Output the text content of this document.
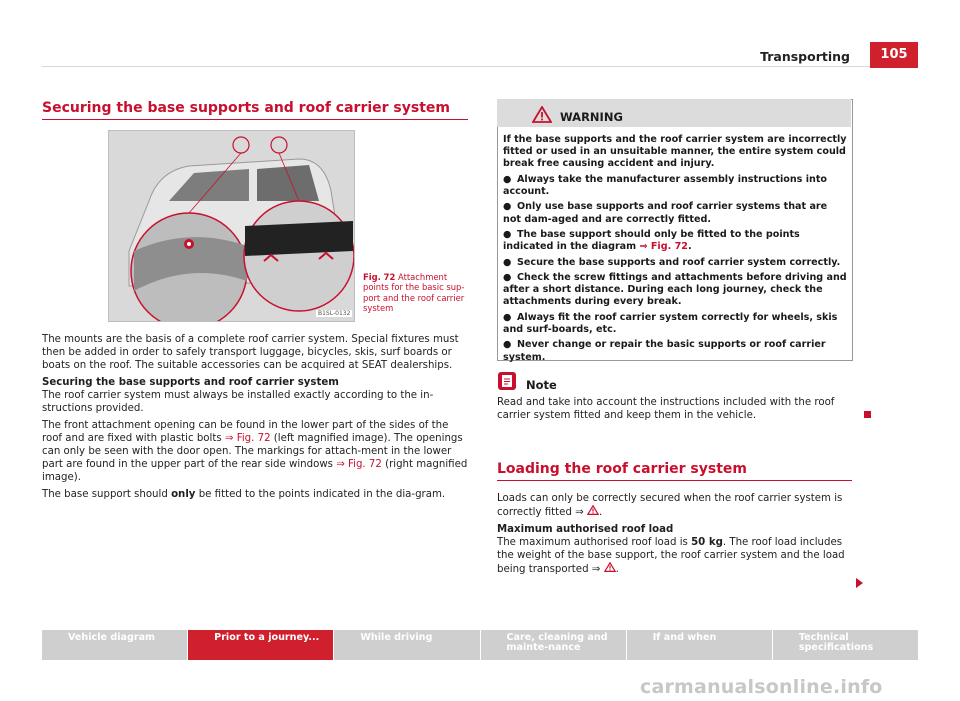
Transporting	105
Securing the base supports and roof carrier system
B1SL-0132
Fig. 72 Attachment points for the basic sup-port and the roof carrier system

The mounts are the basis of a complete roof carrier system. Special fixtures must then be added in order to safely transport luggage, bicycles, skis, surf boards or boats on the roof. The suitable accessories can be acquired at SEAT dealerships.

Securing the base supports and roof carrier system

The roof carrier system must always be installed exactly according to the in-structions provided.

The front attachment opening can be found in the lower part of the sides of the roof and are fixed with plastic bolts ⇒ Fig. 72 (left magnified image). The openings can only be seen with the door open. The markings for attach-ment in the lower part are found in the upper part of the rear side windows ⇒ Fig. 72 (right magnified image).

The base support should only be fitted to the points indicated in the dia-gram.

WARNING

If the base supports and the roof carrier system are incorrectly fitted or used in an unsuitable manner, the entire system could break free causing accident and injury.

● Always take the manufacturer assembly instructions into account.

● Only use base supports and roof carrier systems that are not dam-aged and are correctly fitted.

● The base support should only be fitted to the points indicated in the diagram ⇒ Fig. 72.

● Secure the base supports and roof carrier system correctly.

● Check the screw fittings and attachments before driving and after a short distance. During each long journey, check the attachments during every break.

● Always fit the roof carrier system correctly for wheels, skis and surf-boards, etc.

● Never change or repair the basic supports or roof carrier system.

Note
Read and take into account the instructions included with the roof carrier system fitted and keep them in the vehicle.
Loading the roof carrier system

Loads can only be correctly secured when the roof carrier system is correctly fitted ⇒ .

Maximum authorised roof load

The maximum authorised roof load is 50 kg. The roof load includes the weight of the base support, the roof carrier system and the load being transported ⇒ .

Vehicle diagram	Prior to a journey...	While driving	Care, cleaning and mainte-nance
If and when	Technical specifications
carmanualsonline.info
